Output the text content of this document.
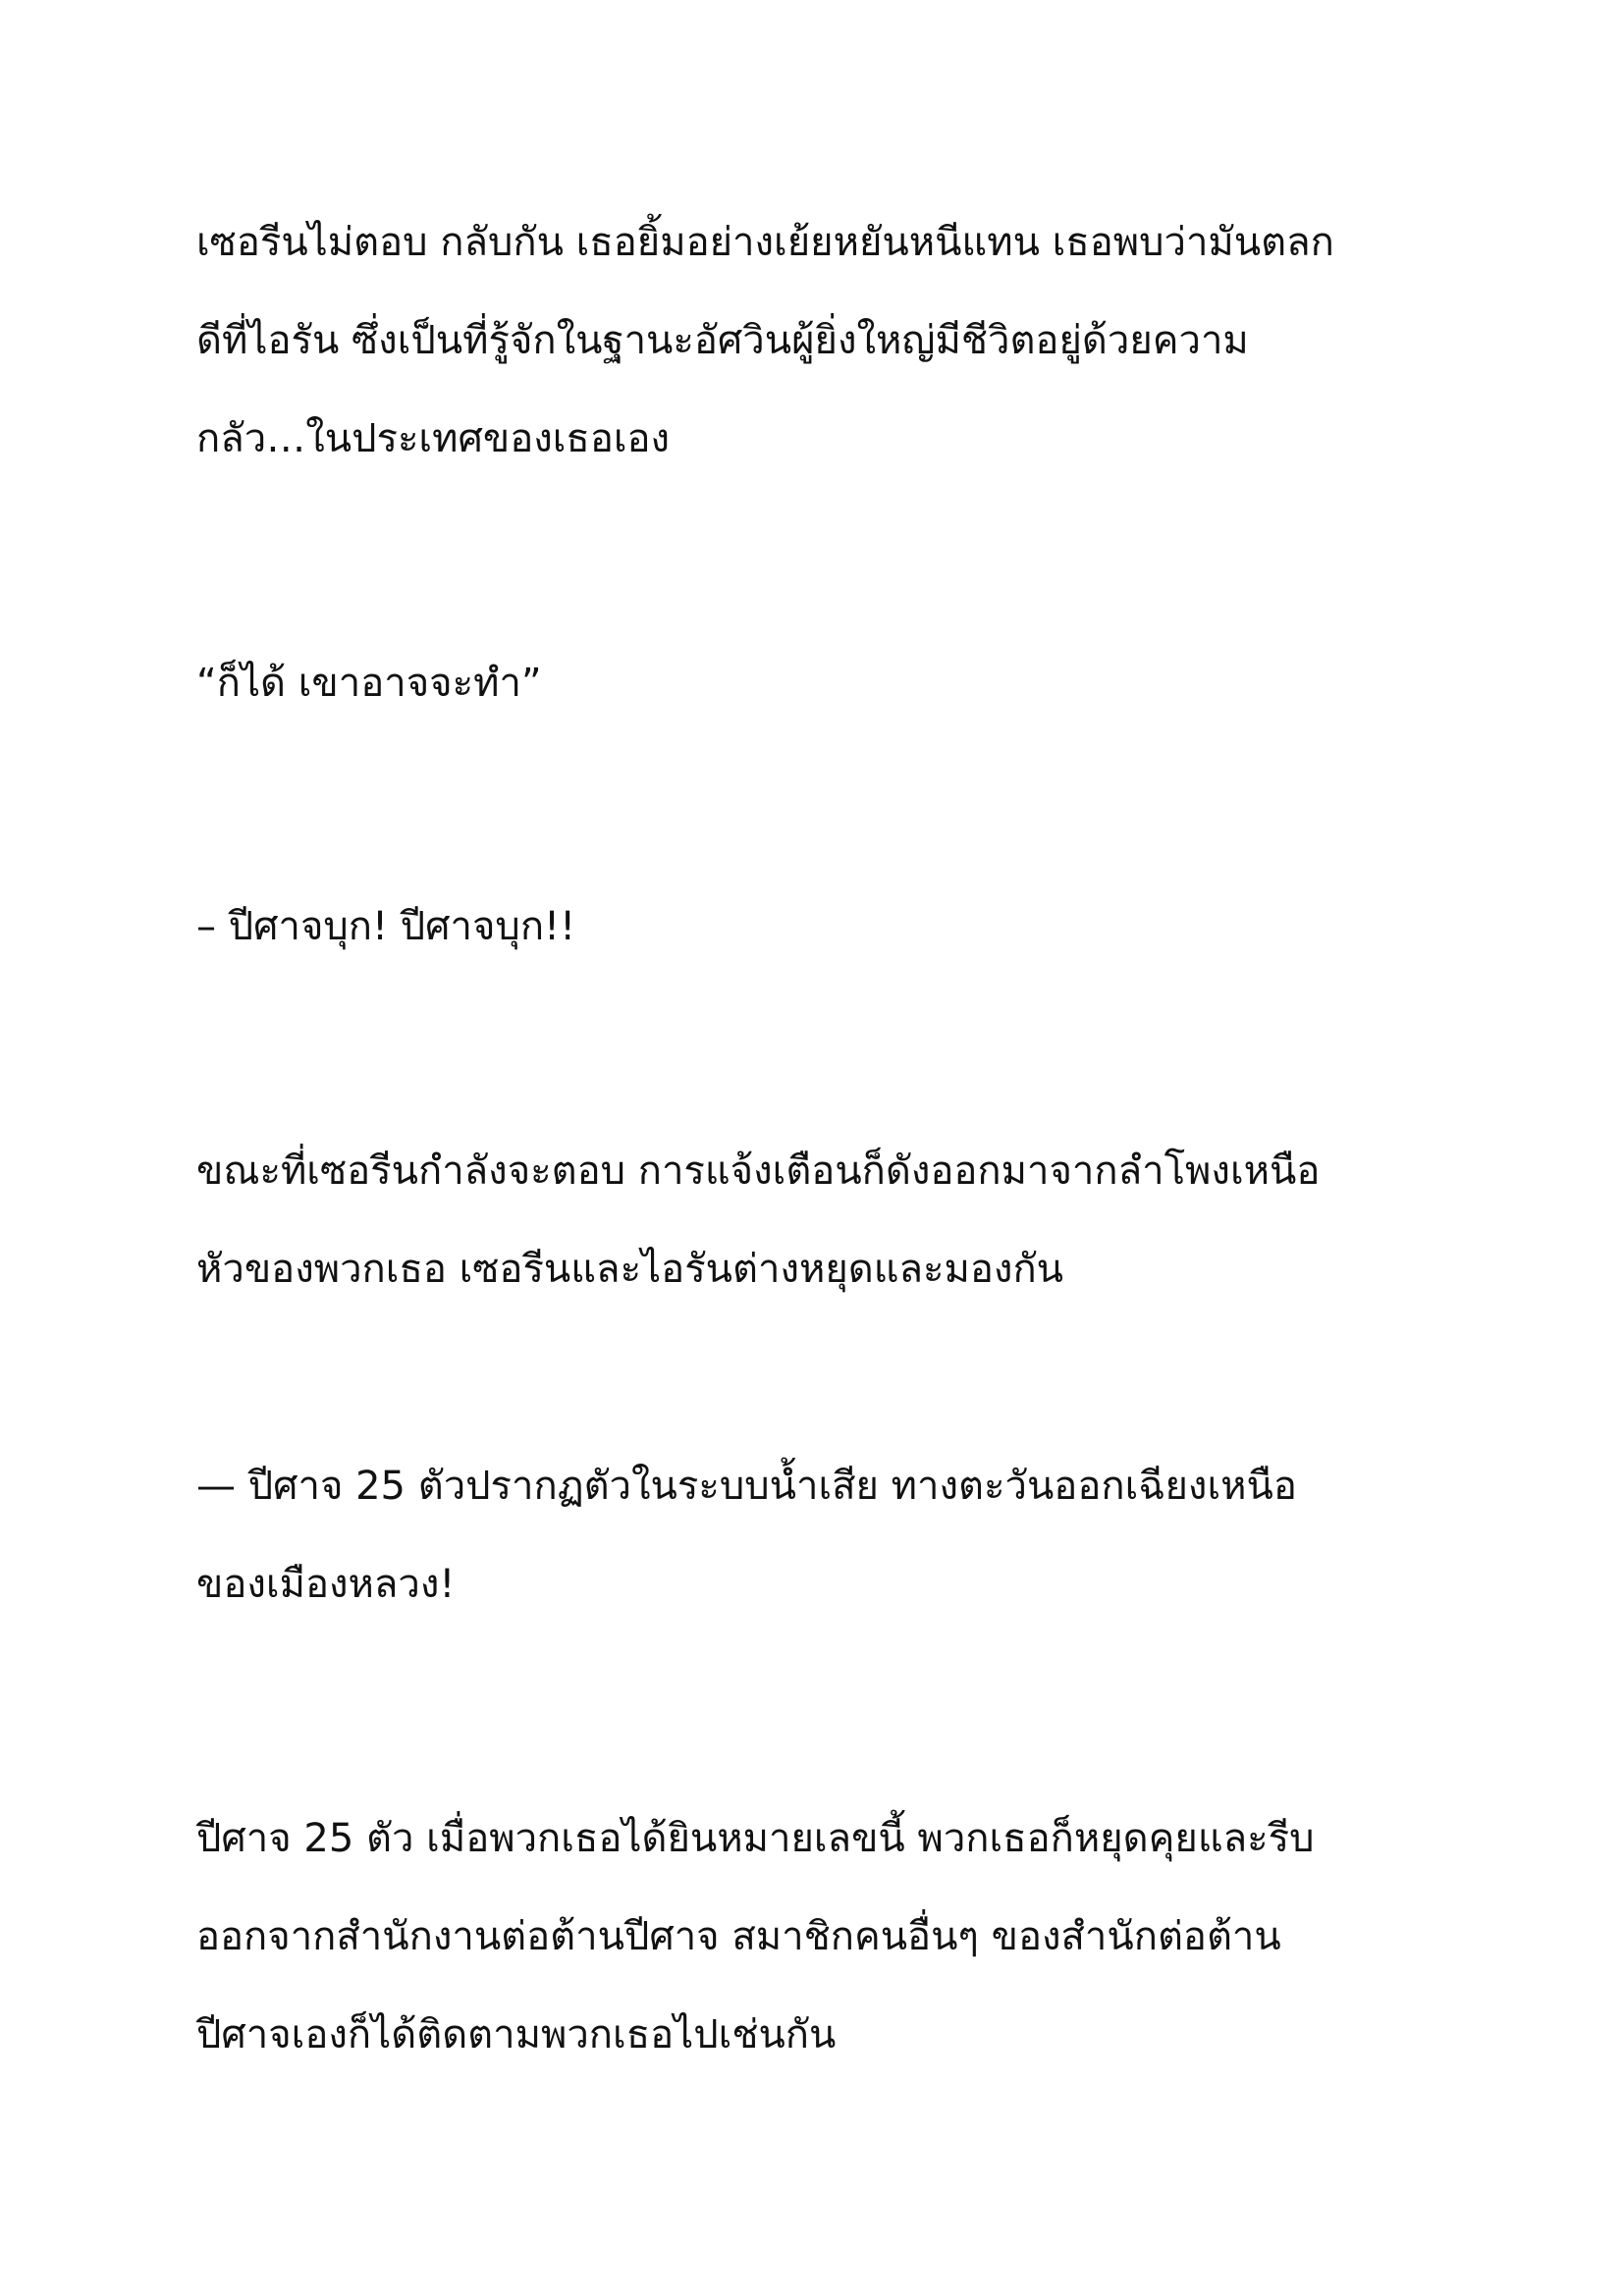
เซอรีนไม่ตอบ กลับกัน เธอยิ้มอย่างเย้ยหยันหนีแทน เธอพบว่ามันตลก
ดีที่ไอรัน ซึ่งเป็นที่รู้จักในฐานะอัศวินผู้ยิ่งใหญ่มีชีวิตอยู่ด้วยความ
กลัว…ในประเทศของเธอเอง

“ก็ได้ เขาอาจจะทำ”

– ปีศาจบุก! ปีศาจบุก!!

ขณะที่เซอรีนกำลังจะตอบ การแจ้งเตือนก็ดังออกมาจากลำโพงเหนือ
หัวของพวกเธอ เซอรีนและไอรันต่างหยุดและมองกัน

— ปีศาจ 25 ตัวปรากฏตัวในระบบน้ำเสีย ทางตะวันออกเฉียงเหนือ
ของเมืองหลวง!

ปีศาจ 25 ตัว เมื่อพวกเธอได้ยินหมายเลขนี้ พวกเธอก็หยุดคุยและรีบ
ออกจากสำนักงานต่อต้านปีศาจ สมาชิกคนอื่นๆ ของสำนักต่อต้าน
ปีศาจเองก็ได้ติดตามพวกเธอไปเช่นกัน
